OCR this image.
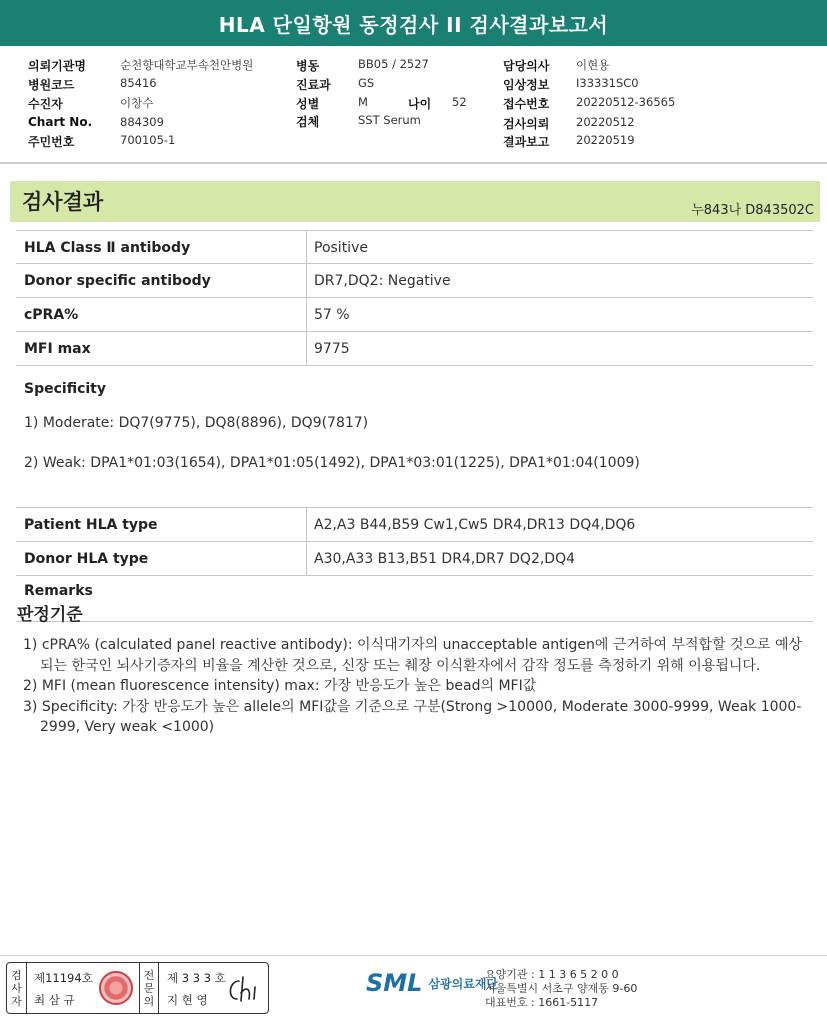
HLA 단일항원 동정검사 II 검사결과보고서
의뢰기관명	순천향대학교부속천안병원
병원코드	85416
수진자	이창수
Chart No. 884309
주민번호	700105-1
병동	BB05 / 2527
진료과 GS
성별	M	나이 52
검체	SST Serum
담당의사 이현용
임상정보 I33331SC0
접수번호 20220512-36565
검사의뢰 20220512
결과보고 20220519
검사결과	누843나 D843502C
HLA Class Ⅱ antibody	Positive
Donor specific antibody	DR7,DQ2: Negative
cPRA%	57 %
MFI max	9775
Specificity
1) Moderate: DQ7(9775), DQ8(8896), DQ9(7817)
2) Weak: DPA1*01:03(1654), DPA1*01:05(1492), DPA1*03:01(1225), DPA1*01:04(1009)
Patient HLA type	A2,A3 B44,B59 Cw1,Cw5 DR4,DR13 DQ4,DQ6
Donor HLA type	A30,A33 B13,B51 DR4,DR7 DQ2,DQ4
Remarks
판정기준
1) cPRA% (calculated panel reactive antibody): 이식대기자의 unacceptable antigen에 근거하여 부적합할 것으로 예상되는 한국인 뇌사기증자의 비율을 계산한 것으로, 신장 또는 췌장 이식환자에서 감작 정도를 측정하기 위해 이용됩니다.
2) MFI (mean fluorescence intensity) max: 가장 반응도가 높은 bead의 MFI값
3) Specificity: 가장 반응도가 높은 allele의 MFI값을 기준으로 구분(Strong >10000, Moderate 3000-9999, Weak 1000-2999, Very weak <1000)
검
사
자
제11194호
최 삼 규
전
문
의
제 3 3 3 호
지 현 영
SML 삼광의료재단
요양기관 : 1 1 3 6 5 2 0 0
서울특별시 서초구 양재동 9-60
대표번호 : 1661-5117
